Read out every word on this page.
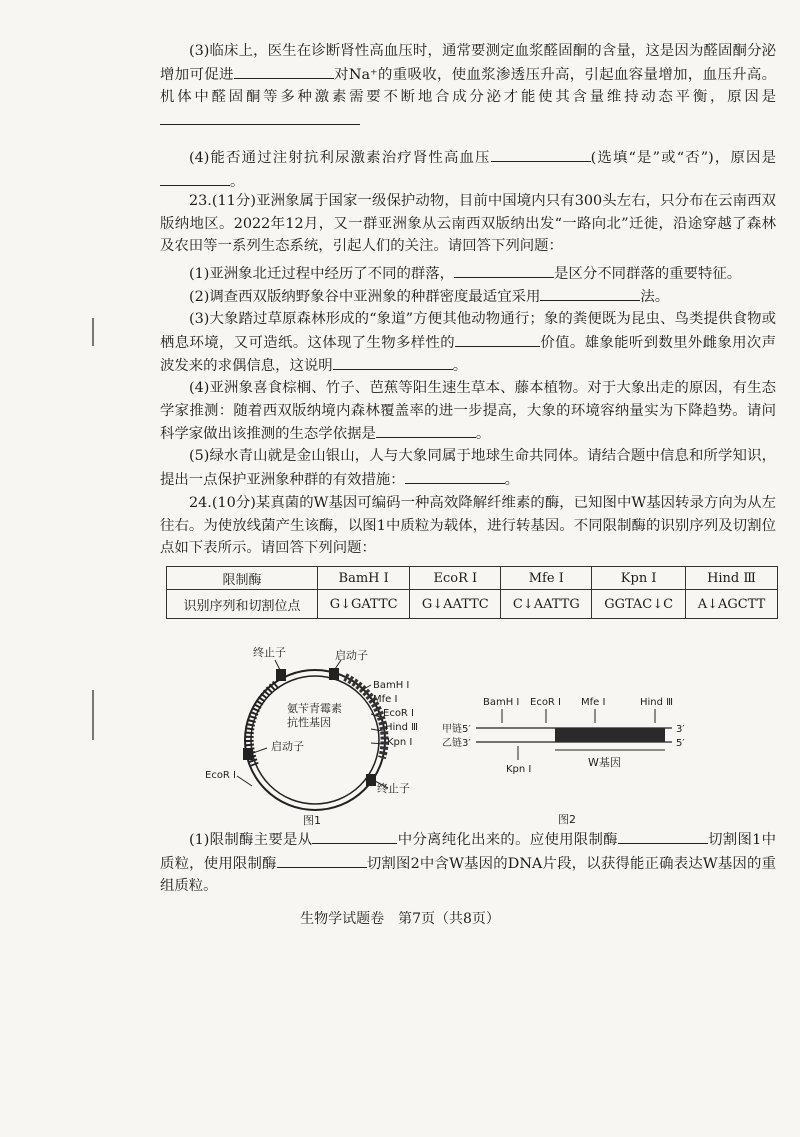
(3)临床上，医生在诊断肾性高血压时，通常要测定血浆醛固酮的含量，这是因为醛固酮分泌增加可促进	对Na⁺的重吸收，使血浆渗透压升高，引起血容量增加，血压升高。机体中醛固酮等多种激素需要不断地合成分泌才能使其含量维持动态平衡，原因是
(4)能否通过注射抗利尿激素治疗肾性高血压	(选填“是”或“否”)，原因是。
23.(11分)亚洲象属于国家一级保护动物，目前中国境内只有300头左右，只分布在云南西双版纳地区。2022年12月，又一群亚洲象从云南西双版纳出发“一路向北”迁徙，沿途穿越了森林及农田等一系列生态系统，引起人们的关注。请回答下列问题：
(1)亚洲象北迁过程中经历了不同的群落，	是区分不同群落的重要特征。
(2)调查西双版纳野象谷中亚洲象的种群密度最适宜采用	法。
(3)大象踏过草原森林形成的“象道”方便其他动物通行；象的粪便既为昆虫、鸟类提供食物或栖息环境，又可造纸。这体现了生物多样性的	价值。雄象能听到数里外雌象用次声波发来的求偶信息，这说明	。
(4)亚洲象喜食棕榈、竹子、芭蕉等阳生速生草本、藤本植物。对于大象出走的原因，有生态学家推测：随着西双版纳境内森林覆盖率的进一步提高，大象的环境容纳量实为下降趋势。请问科学家做出该推测的生态学依据是	。
(5)绿水青山就是金山银山，人与大象同属于地球生命共同体。请结合题中信息和所学知识，提出一点保护亚洲象种群的有效措施：	。
24.(10分)某真菌的W基因可编码一种高效降解纤维素的酶，已知图中W基因转录方向为从左往右。为使放线菌产生该酶，以图1中质粒为载体，进行转基因。不同限制酶的识别序列及切割位点如下表所示。请回答下列问题：
限制酶	BamH Ⅰ	EcoR Ⅰ	Mfe Ⅰ	Kpn Ⅰ	Hind Ⅲ
识别序列和切割位点	G↓GATTC	G↓AATTC	C↓AATTG	GGTAC↓C	A↓AGCTT
终止子	启动子
BamH Ⅰ
Mfe Ⅰ
EcoR Ⅰ
Hind Ⅲ
Kpn Ⅰ
终止子
氨苄青霉素
抗性基因
启动子
EcoR Ⅰ
图1
BamH Ⅰ EcoR Ⅰ Mfe Ⅰ	Hind Ⅲ
甲链5′
乙链3′
3′
5′
Kpn Ⅰ
W基因
图2
(1)限制酶主要是从	中分离纯化出来的。应使用限制酶	切割图1中质粒，使用限制酶	切割图2中含W基因的DNA片段，以获得能正确表达W基因的重组质粒。
生物学试题卷　第7页（共8页）
